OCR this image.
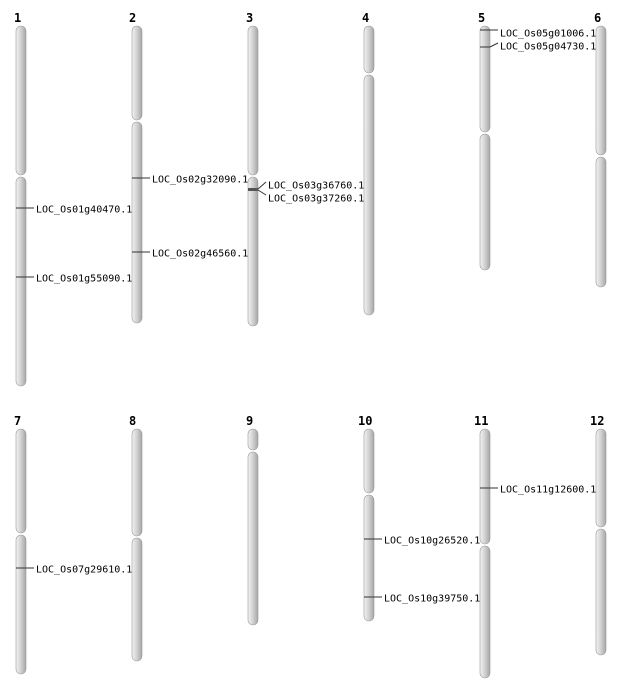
1
LOC_Os01g40470.1
LOC_Os01g55090.1
2
LOC_Os02g32090.1
LOC_Os02g46560.1
3
LOC_Os03g36760.1
LOC_Os03g37260.1
4	5
LOC_Os05g01006.1
LOC_Os05g04730.1
6
7
LOC_Os07g29610.1
8	9	10
LOC_Os10g26520.1
LOC_Os10g39750.1
11
LOC_Os11g12600.1
12
